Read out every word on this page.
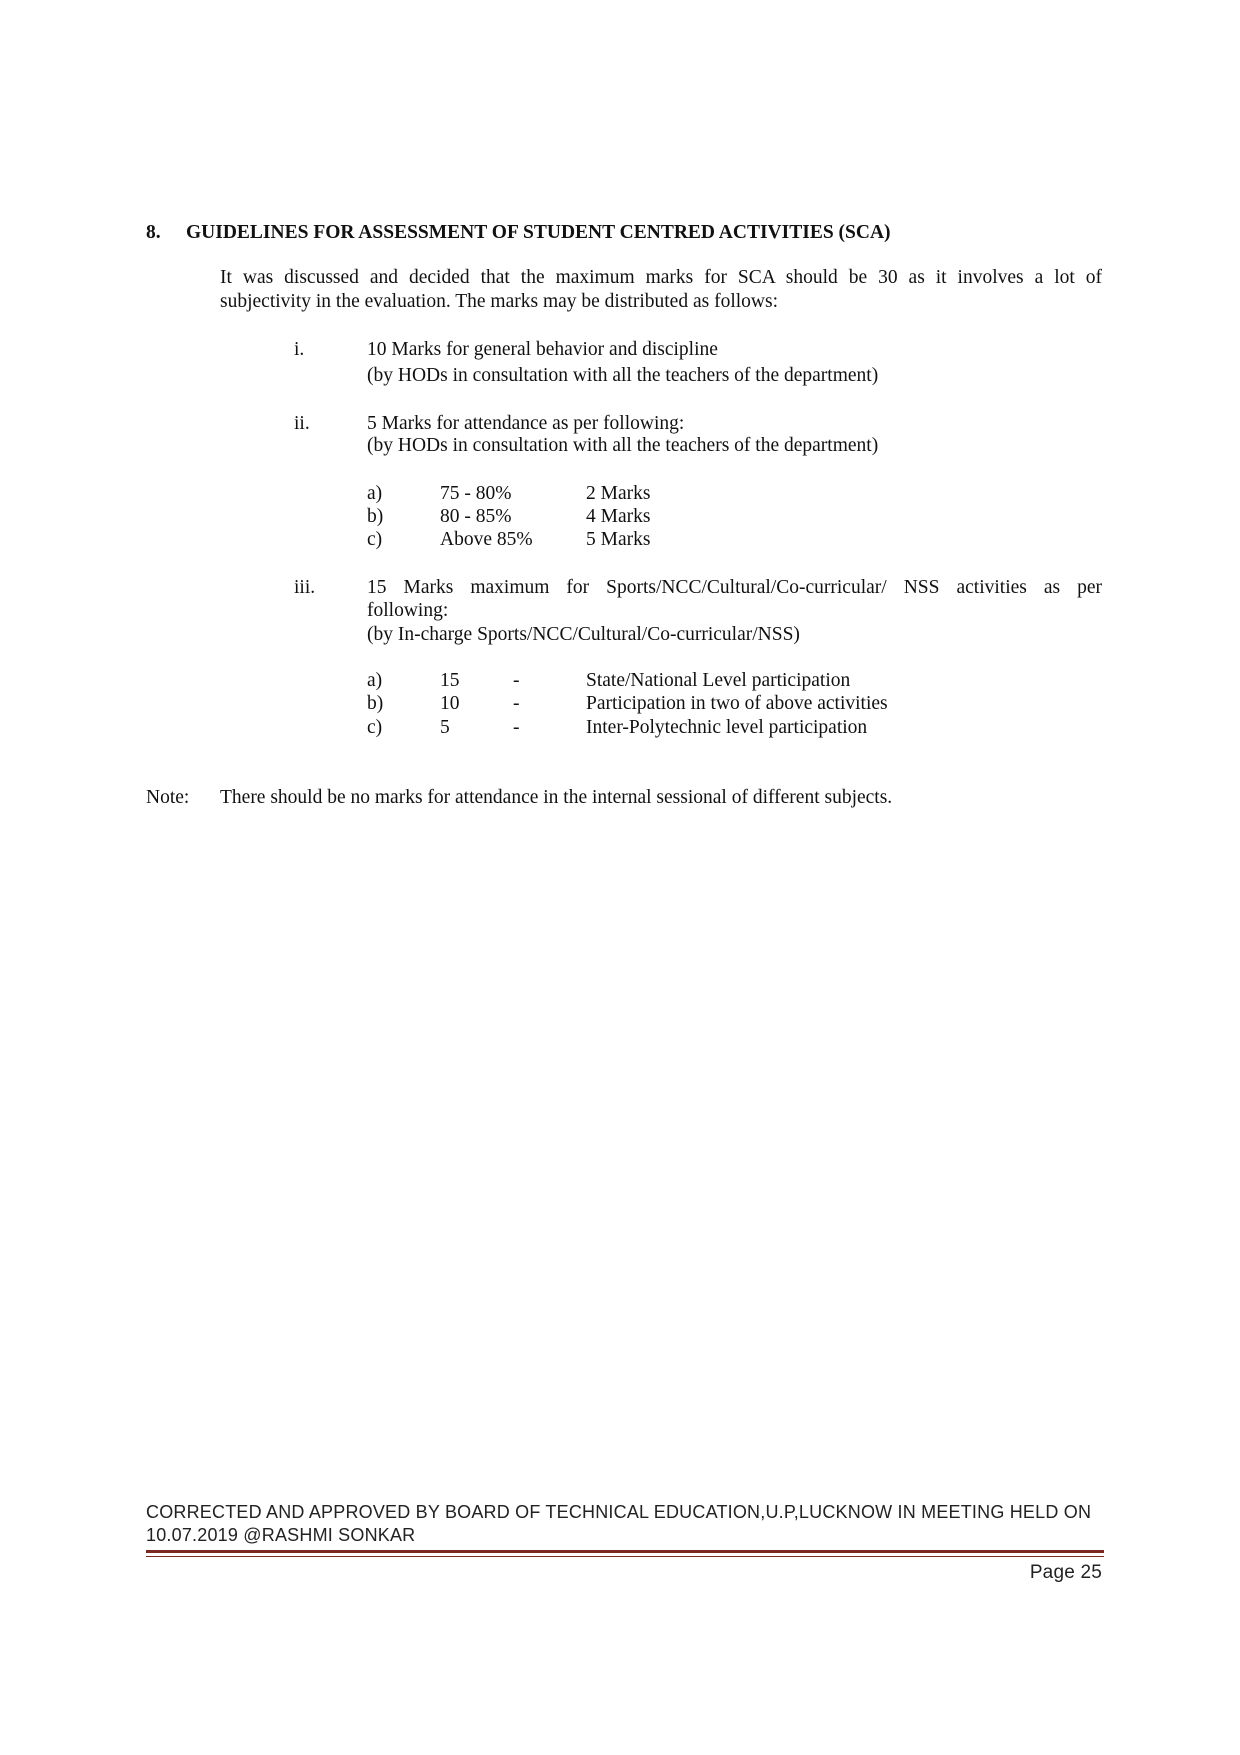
8. GUIDELINES FOR ASSESSMENT OF STUDENT CENTRED ACTIVITIES (SCA)
It was discussed and decided that the maximum marks for SCA should be 30 as it involves a lot of
subjectivity in the evaluation. The marks may be distributed as follows:
i.	10 Marks for general behavior and discipline
(by HODs in consultation with all the teachers of the department)
ii.	5 Marks for attendance as per following:
(by HODs in consultation with all the teachers of the department)
a)	75 - 80%	2 Marks
b)	80 - 85%	4 Marks
c)	Above 85%	5 Marks
iii.	15 Marks maximum for Sports/NCC/Cultural/Co-curricular/ NSS activities as per
following:
(by In-charge Sports/NCC/Cultural/Co-curricular/NSS)
a)	15	-	State/National Level participation
b)	10	-	Participation in two of above activities
c)	5	-	Inter-Polytechnic level participation
Note: There should be no marks for attendance in the internal sessional of different subjects.
CORRECTED AND APPROVED BY BOARD OF TECHNICAL EDUCATION,U.P,LUCKNOW IN MEETING HELD ON
10.07.2019 @RASHMI SONKAR
Page 25
